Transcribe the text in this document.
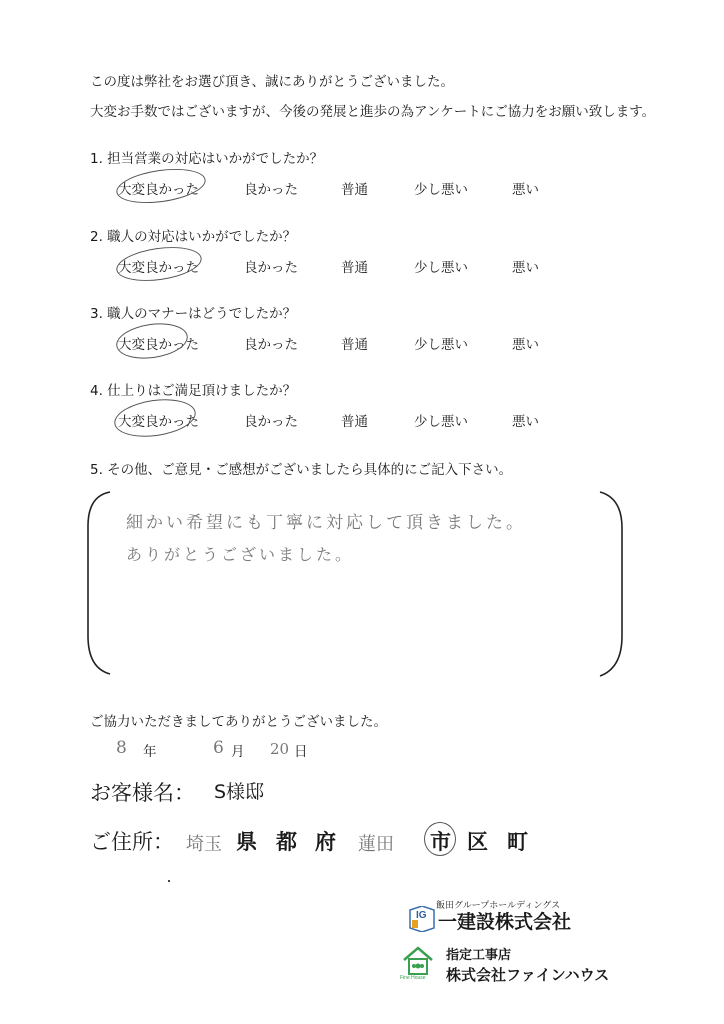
この度は弊社をお選び頂き、誠にありがとうございました。
大変お手数ではございますが、今後の発展と進歩の為アンケートにご協力をお願い致します。
1. 担当営業の対応はいかがでしたか？
大変良かった	良かった	普通	少し悪い	悪い
2. 職人の対応はいかがでしたか？
大変良かった	良かった	普通	少し悪い	悪い
3. 職人のマナーはどうでしたか？
大変良かった	良かった	普通	少し悪い	悪い
4. 仕上りはご満足頂けましたか？
大変良かった	良かった	普通	少し悪い	悪い
5. その他、ご意見・ご感想がございましたら具体的にご記入下さい。
細かい希望にも丁寧に対応して頂きました。
ありがとうございました。
ご協力いただきましてありがとうございました。
8 年	6 月 20 日
お客様名： S様邸
ご住所： 埼玉 県 都 府 蓮田 市 区 町
飯田グループホールディングス
IG 一建設株式会社
Fine House
指定工事店
株式会社ファインハウス
